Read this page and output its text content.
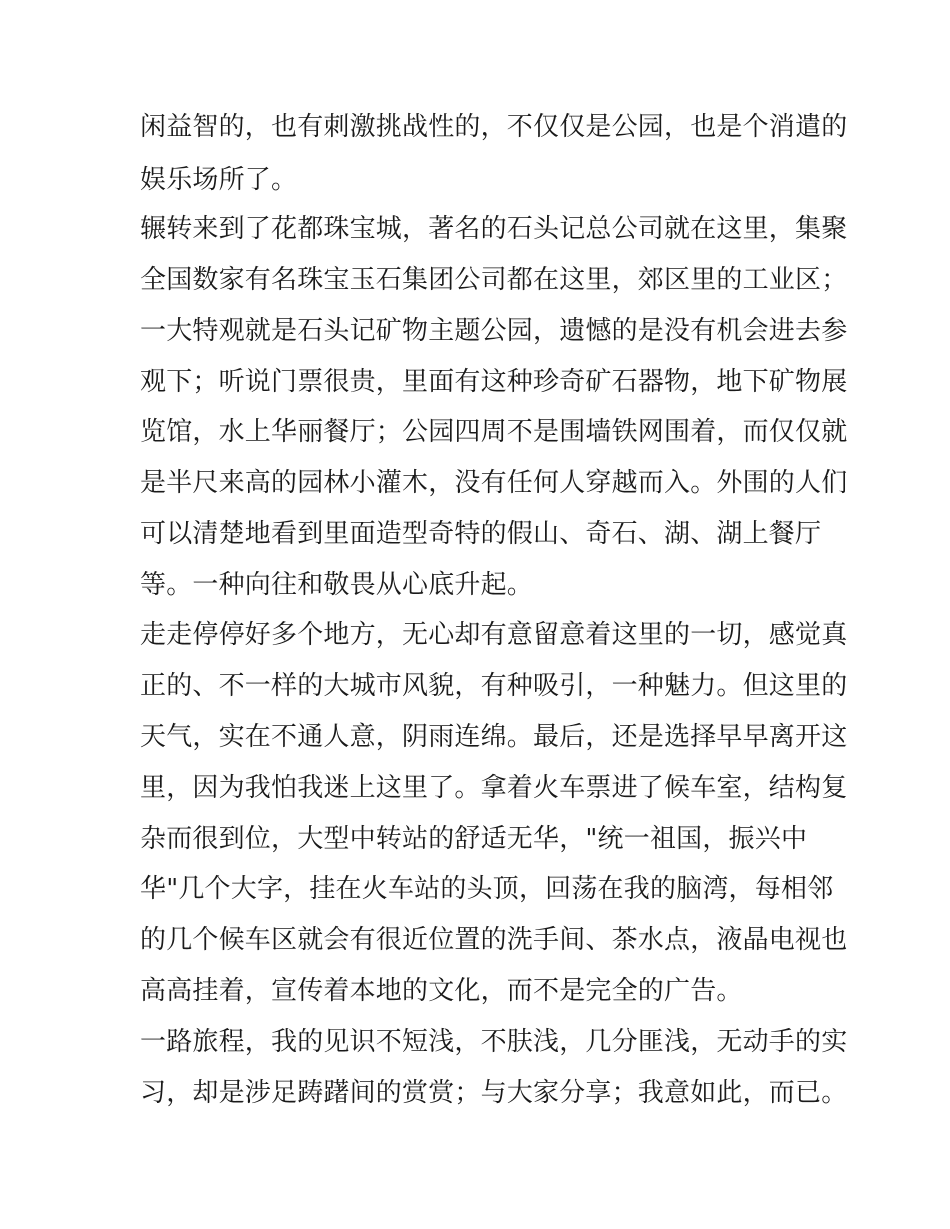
闲益智的，也有刺激挑战性的，不仅仅是公园，也是个消遣的
娱乐场所了。
辗转来到了花都珠宝城，著名的石头记总公司就在这里，集聚
全国数家有名珠宝玉石集团公司都在这里，郊区里的工业区；
一大特观就是石头记矿物主题公园，遗憾的是没有机会进去参
观下；听说门票很贵，里面有这种珍奇矿石器物，地下矿物展
览馆，水上华丽餐厅；公园四周不是围墙铁网围着，而仅仅就
是半尺来高的园林小灌木，没有任何人穿越而入。外围的人们
可以清楚地看到里面造型奇特的假山、奇石、湖、湖上餐厅
等。一种向往和敬畏从心底升起。
走走停停好多个地方，无心却有意留意着这里的一切，感觉真
正的、不一样的大城市风貌，有种吸引，一种魅力。但这里的
天气，实在不通人意，阴雨连绵。最后，还是选择早早离开这
里，因为我怕我迷上这里了。拿着火车票进了候车室，结构复
杂而很到位，大型中转站的舒适无华，"统一祖国，振兴中
华"几个大字，挂在火车站的头顶，回荡在我的脑湾，每相邻
的几个候车区就会有很近位置的洗手间、茶水点，液晶电视也
高高挂着，宣传着本地的文化，而不是完全的广告。
一路旅程，我的见识不短浅，不肤浅，几分匪浅，无动手的实
习，却是涉足踌躇间的赏赏；与大家分享；我意如此，而已。
